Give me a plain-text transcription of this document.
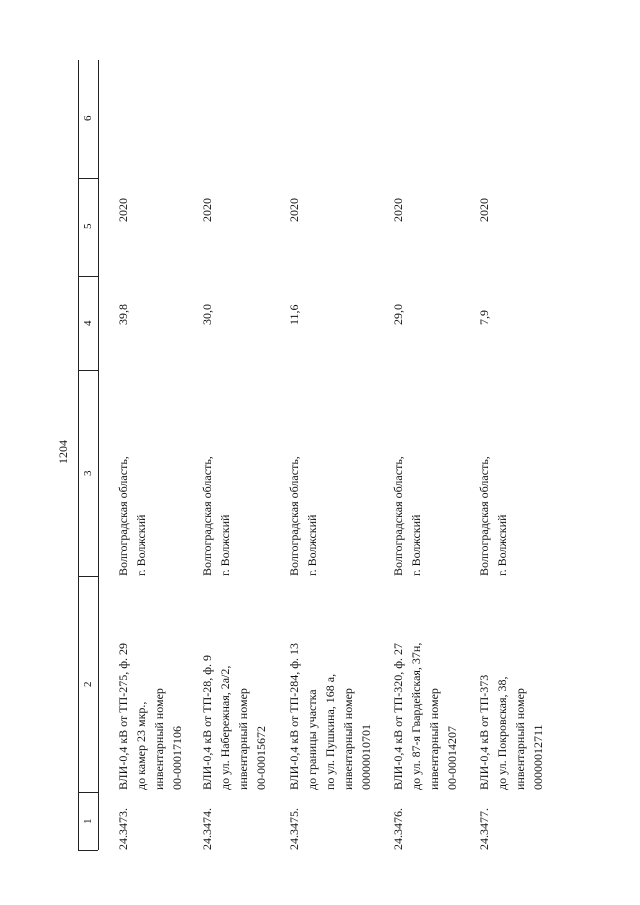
1204
6
5
4
3
2
1 24.3473.
ВЛИ-0,4 кВ от ТП-275, ф. 29 до камер 23 мкр., инвентарный номер 00-00017106
Волгоградская область, г. Волжский
39,8
2020
24.3474.
ВЛИ-0,4 кВ от ТП-28, ф. 9 до ул. Набережная, 2а/2, инвентарный номер 00-00015672
Волгоградская область, г. Волжский
30,0
2020
24.3475.
ВЛИ-0,4 кВ от ТП-284, ф. 13 до границы участка по ул. Пушкина, 168 а, инвентарный номер 00000010701
Волгоградская область, г. Волжский
11,6
2020
24.3476.
ВЛИ-0,4 кВ от ТП-320, ф. 27 до ул. 87-я Гвардейская, 37н, инвентарный номер 00-00014207
Волгоградская область, г. Волжский
29,0
2020
24.3477.
ВЛИ-0,4 кВ от ТП-373 до ул. Покровская, 38, инвентарный номер 00000012711
Волгоградская область, г. Волжский
7,9
2020
